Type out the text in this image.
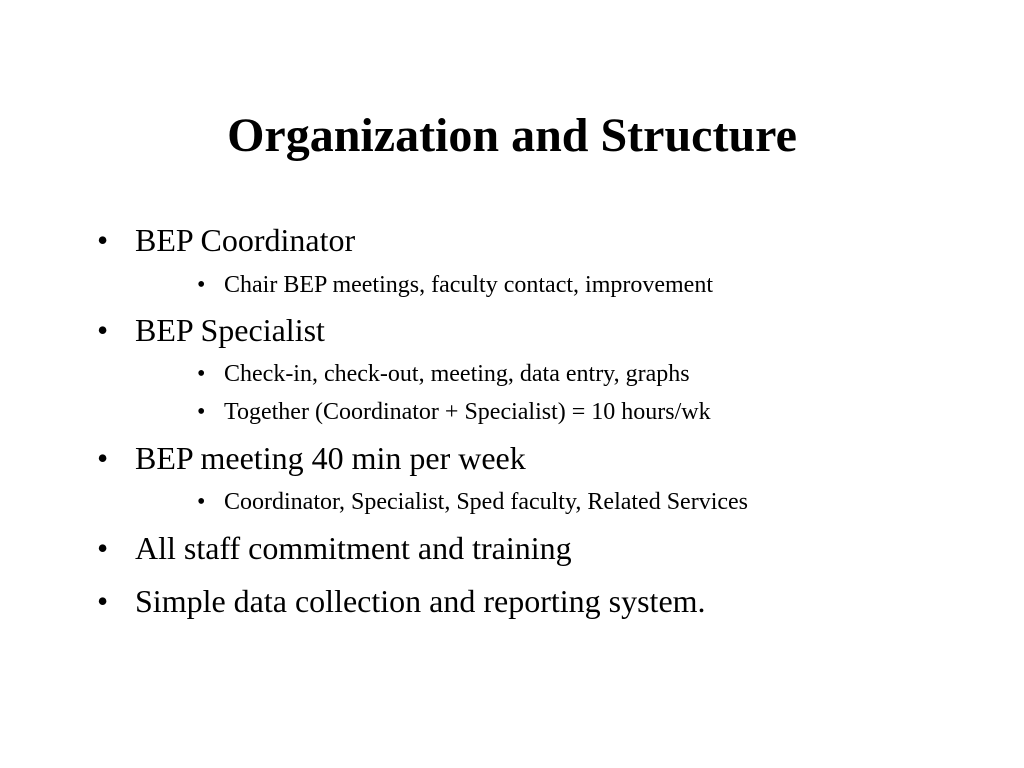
Organization and Structure
• BEP Coordinator
• Chair BEP meetings, faculty contact, improvement
• BEP Specialist
• Check-in, check-out, meeting, data entry, graphs
• Together (Coordinator + Specialist) = 10 hours/wk
• BEP meeting 40 min per week
• Coordinator, Specialist, Sped faculty, Related Services
• All staff commitment and training
• Simple data collection and reporting system.
